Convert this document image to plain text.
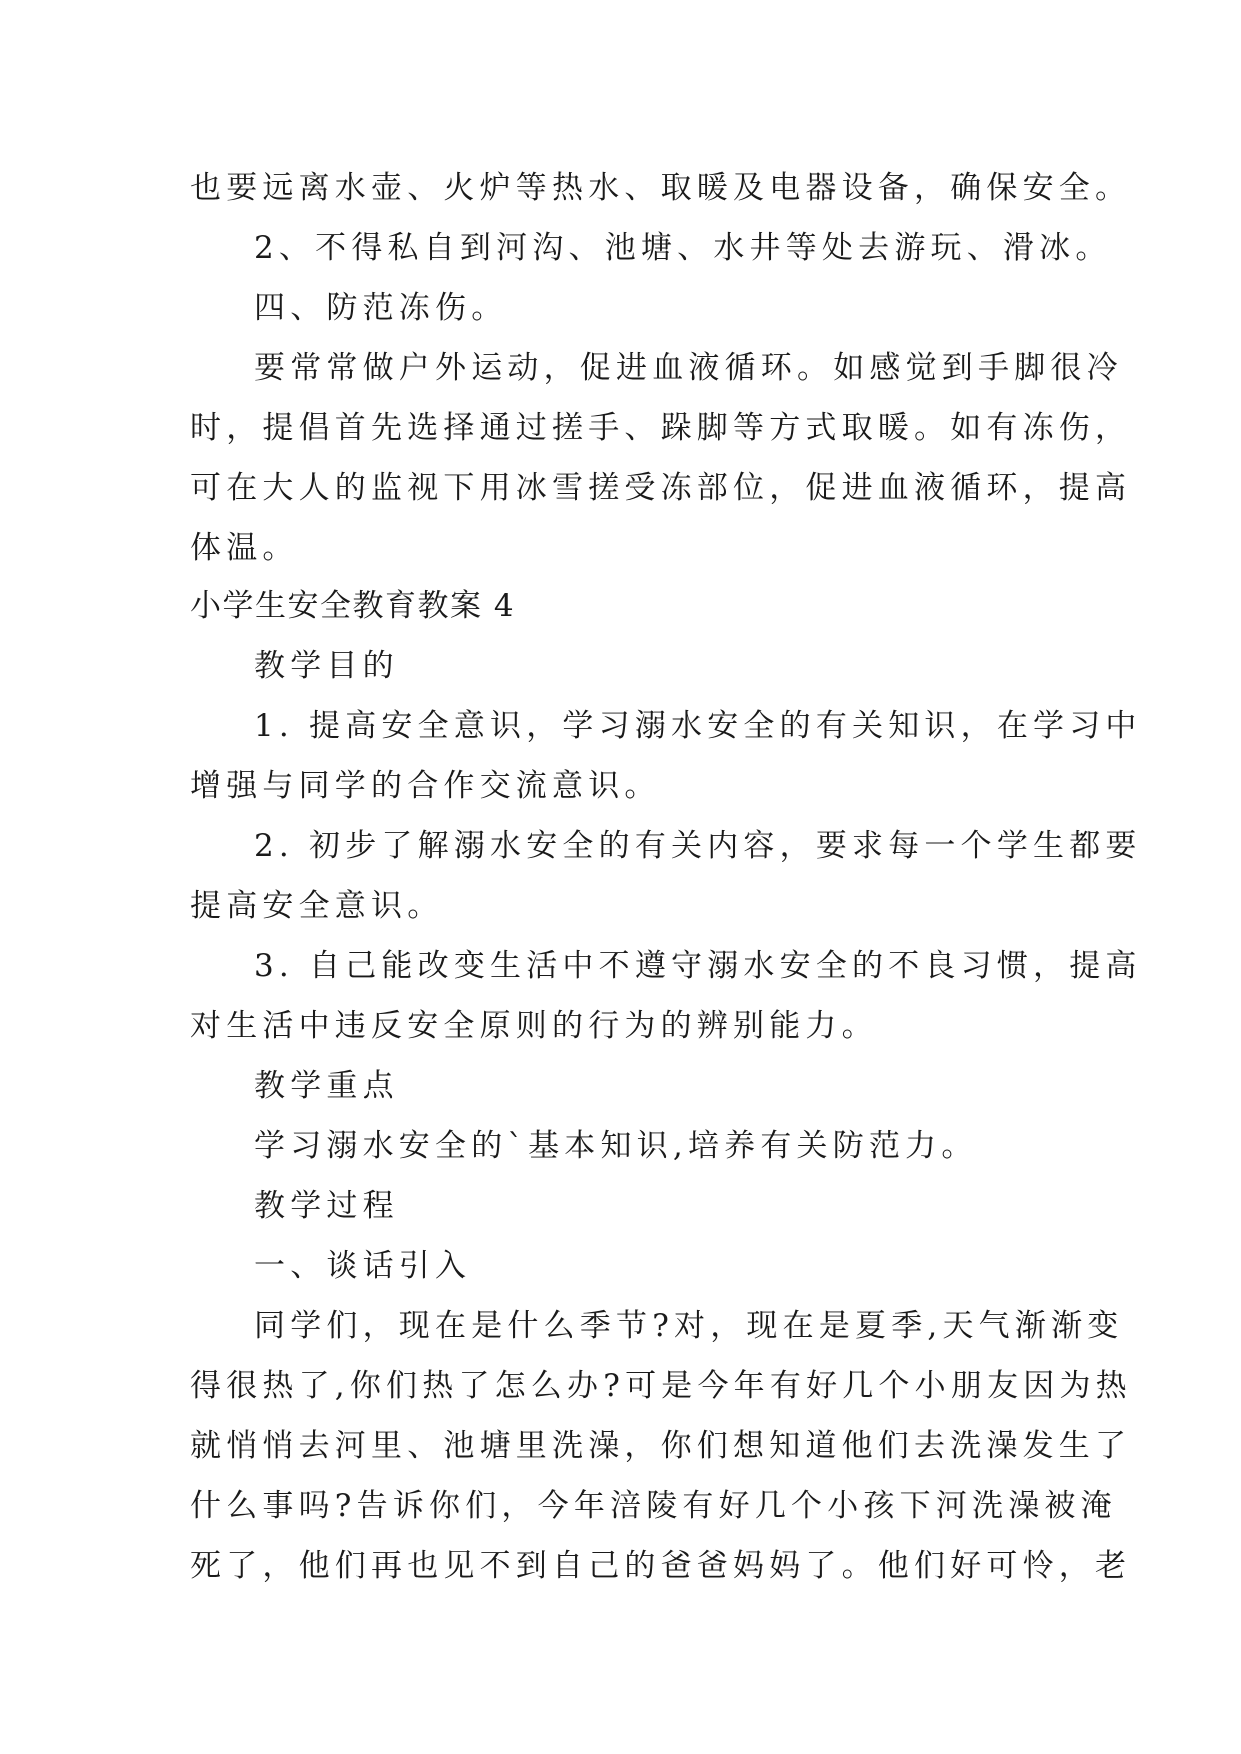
也要远离水壶、火炉等热水、取暖及电器设备，确保安全。
2、不得私自到河沟、池塘、水井等处去游玩、滑冰。
四、防范冻伤。
要常常做户外运动，促进血液循环。如感觉到手脚很冷
时，提倡首先选择通过搓手、跺脚等方式取暖。如有冻伤，
可在大人的监视下用冰雪搓受冻部位，促进血液循环，提高
体温。
小学生安全教育教案 4
教学目的
1. 提高安全意识，学习溺水安全的有关知识，在学习中
增强与同学的合作交流意识。
2. 初步了解溺水安全的有关内容，要求每一个学生都要
提高安全意识。
3. 自己能改变生活中不遵守溺水安全的不良习惯，提高
对生活中违反安全原则的行为的辨别能力。
教学重点
学习溺水安全的`基本知识,培养有关防范力。
教学过程
一、谈话引入
同学们，现在是什么季节?对，现在是夏季,天气渐渐变
得很热了,你们热了怎么办?可是今年有好几个小朋友因为热
就悄悄去河里、池塘里洗澡，你们想知道他们去洗澡发生了
什么事吗?告诉你们，今年涪陵有好几个小孩下河洗澡被淹
死了，他们再也见不到自己的爸爸妈妈了。他们好可怜，老
